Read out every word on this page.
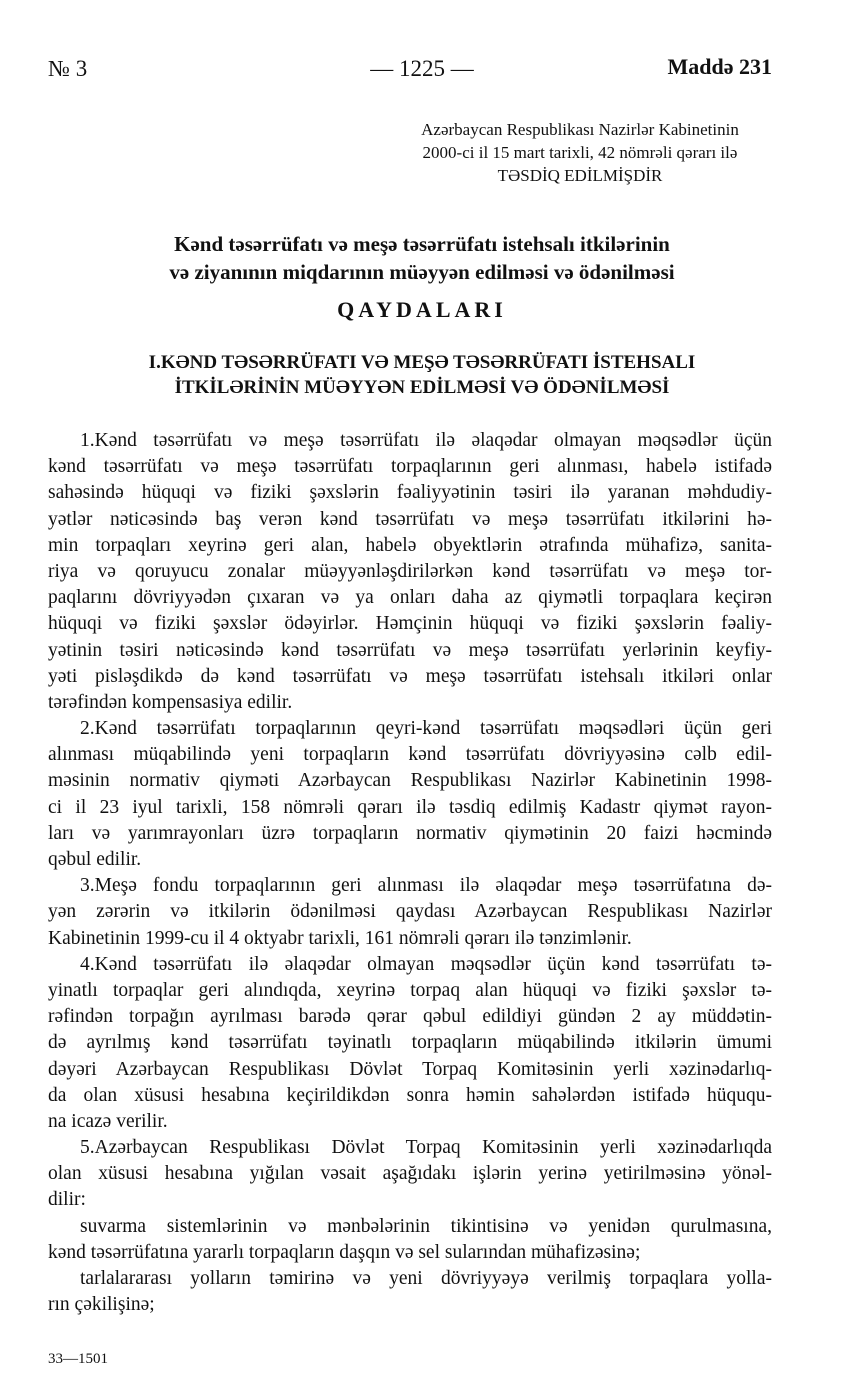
№ 3	— 1225 —	Maddə 231
Azərbaycan Respublikası Nazirlər Kabinetinin
2000-ci il 15 mart tarixli, 42 nömrəli qərarı ilə
TƏSDİQ EDİLMİŞDİR
Kənd təsərrüfatı və meşə təsərrüfatı istehsalı itkilərinin
və ziyanının miqdarının müəyyən edilməsi və ödənilməsi
QAYDALARI
I.KƏND TƏSƏRRÜFATI VƏ MEŞƏ TƏSƏRRÜFATI İSTEHSALI
İTKİLƏRİNİN MÜƏYYƏN EDİLMƏSİ VƏ ÖDƏNİLMƏSİ
1.Kənd təsərrüfatı və meşə təsərrüfatı ilə əlaqədar olmayan məqsədlər üçün
kənd təsərrüfatı və meşə təsərrüfatı torpaqlarının geri alınması, habelə istifadə
sahəsində hüquqi və fiziki şəxslərin fəaliyyətinin təsiri ilə yaranan məhdudiy-
yətlər nəticəsində baş verən kənd təsərrüfatı və meşə təsərrüfatı itkilərini hə-
min torpaqları xeyrinə geri alan, habelə obyektlərin ətrafında mühafizə, sanita-
riya və qoruyucu zonalar müəyyənləşdirilərkən kənd təsərrüfatı və meşə tor-
paqlarını dövriyyədən çıxaran və ya onları daha az qiymətli torpaqlara keçirən
hüquqi və fiziki şəxslər ödəyirlər. Həmçinin hüquqi və fiziki şəxslərin fəaliy-
yətinin təsiri nəticəsində kənd təsərrüfatı və meşə təsərrüfatı yerlərinin keyfiy-
yəti pisləşdikdə də kənd təsərrüfatı və meşə təsərrüfatı istehsalı itkiləri onlar
tərəfindən kompensasiya edilir.
2.Kənd təsərrüfatı torpaqlarının qeyri-kənd təsərrüfatı məqsədləri üçün geri
alınması müqabilində yeni torpaqların kənd təsərrüfatı dövriyyəsinə cəlb edil-
məsinin normativ qiyməti Azərbaycan Respublikası Nazirlər Kabinetinin 1998-
ci il 23 iyul tarixli, 158 nömrəli qərarı ilə təsdiq edilmiş Kadastr qiymət rayon-
ları və yarımrayonları üzrə torpaqların normativ qiymətinin 20 faizi həcmində
qəbul edilir.
3.Meşə fondu torpaqlarının geri alınması ilə əlaqədar meşə təsərrüfatına də-
yən zərərin və itkilərin ödənilməsi qaydası Azərbaycan Respublikası Nazirlər
Kabinetinin 1999-cu il 4 oktyabr tarixli, 161 nömrəli qərarı ilə tənzimlənir.
4.Kənd təsərrüfatı ilə əlaqədar olmayan məqsədlər üçün kənd təsərrüfatı tə-
yinatlı torpaqlar geri alındıqda, xeyrinə torpaq alan hüquqi və fiziki şəxslər tə-
rəfindən torpağın ayrılması barədə qərar qəbul edildiyi gündən 2 ay müddətin-
də ayrılmış kənd təsərrüfatı təyinatlı torpaqların müqabilində itkilərin ümumi
dəyəri Azərbaycan Respublikası Dövlət Torpaq Komitəsinin yerli xəzinədarlıq-
da olan xüsusi hesabına keçirildikdən sonra həmin sahələrdən istifadə hüququ-
na icazə verilir.
5.Azərbaycan Respublikası Dövlət Torpaq Komitəsinin yerli xəzinədarlıqda
olan xüsusi hesabına yığılan vəsait aşağıdakı işlərin yerinə yetirilməsinə yönəl-
dilir:
suvarma sistemlərinin və mənbələrinin tikintisinə və yenidən qurulmasına,
kənd təsərrüfatına yararlı torpaqların daşqın və sel sularından mühafizəsinə;
tarlalararası yolların təmirinə və yeni dövriyyəyə verilmiş torpaqlara yolla-
rın çəkilişinə;
33—1501
